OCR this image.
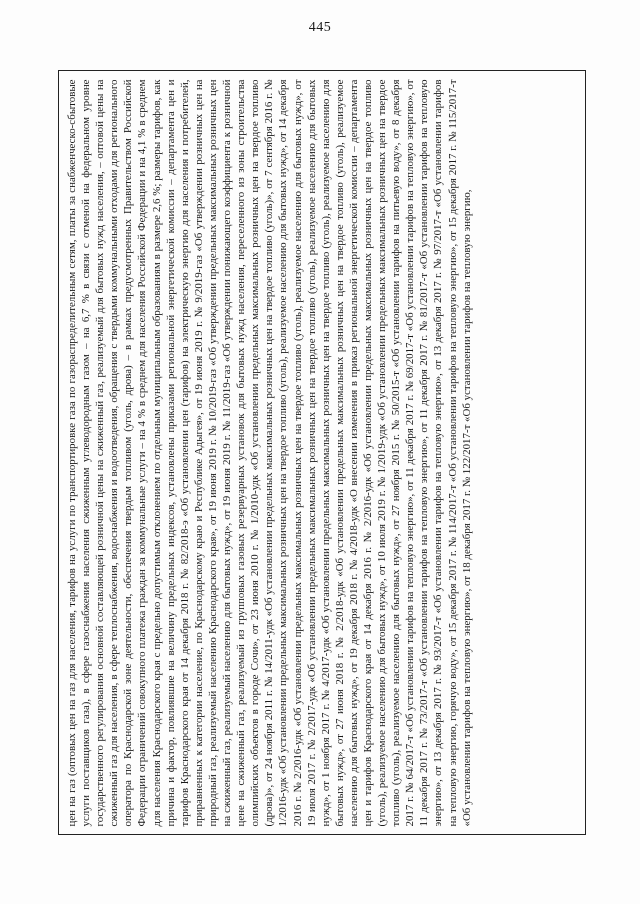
445

цен на газ (оптовых цен на газ для населения, тарифов на услуги по транспортировке газа по газораспределительным сетям, платы за снабженческо-сбытовые услуги поставщиков газа), в сфере газоснабжения населения сжиженным углеводородным газом – на 6,7 % в связи с отменой на федеральном уровне государственного регулирования основной составляющей розничной цены на сжиженный газ, реализуемый для бытовых нужд населения, – оптовой цены на сжиженный газ для населения, в сфере теплоснабжения, водоснабжения и водоотведения, обращения с твердыми коммунальными отходами для регионального оператора по Краснодарской зоне деятельности, обеспечения твердым топливом (уголь, дрова) – в рамках предусмотренных Правительством Российской Федерации ограничений совокупного платежа граждан за коммунальные услуги – на 4 % в среднем для населения Российской Федерации и на 4,1 % в среднем для населения Краснодарского края с предельно допустимым отклонением по отдельным муниципальным образованиям в размере 2,6 %; размеры тарифов, как причина и фактор, повлиявшие на величину предельных индексов, установлены приказами региональной энергетической комиссии – департамента цен и тарифов Краснодарского края от 14 декабря 2018 г. № 82/2018-э «Об установлении цен (тарифов) на электрическую энергию для населения и потребителей, приравненных к категории население, по Краснодарскому краю и Республике Адыгея», от 19 июня 2019 г. № 9/2019-газ «Об утверждении розничных цен на природный газ, реализуемый населению Краснодарского края», от 19 июня 2019 г. № 10/2019-газ «Об утверждении предельных максимальных розничных цен на сжиженный газ, реализуемый населению для бытовых нужд», от 19 июня 2019 г. № 11/2019-газ «Об утверждении понижающего коэффициента к розничной цене на сжиженный газ, реализуемый из групповых газовых резервуарных установок для бытовых нужд населения, переселенного из зоны строительства олимпийских объектов в городе Сочи», от 23 июня 2010 г. № 1/2010-удк «Об установлении предельных максимальных розничных цен на твердое топливо (дрова)», от 24 ноября 2011 г. № 14/2011-удк «Об установлении предельных максимальных розничных цен на твердое топливо (уголь)», от 7 сентября 2016 г. № 1/2016-удк «Об установлении предельных максимальных розничных цен на твердое топливо (уголь), реализуемое населению для бытовых нужд», от 14 декабря 2016 г. № 2/2016-удк «Об установлении предельных максимальных розничных цен на твердое топливо (уголь), реализуемое населению для бытовых нужд», от 19 июля 2017 г. № 2/2017-удк «Об установлении предельных максимальных розничных цен на твердое топливо (уголь), реализуемое населению для бытовых нужд», от 1 ноября 2017 г. № 4/2017-удк «Об установлении предельных максимальных розничных цен на твердое топливо (уголь), реализуемое населению для бытовых нужд», от 27 июня 2018 г. № 2/2018-удк «Об установлении предельных максимальных розничных цен на твердое топливо (уголь), реализуемое населению для бытовых нужд», от 19 декабря 2018 г. № 4/2018-удк «О внесении изменения в приказ региональной энергетической комиссии – департамента цен и тарифов Краснодарского края от 14 декабря 2016 г. № 2/2016-удк «Об установлении предельных максимальных розничных цен на твердое топливо (уголь), реализуемое населению для бытовых нужд», от 10 июля 2019 г. № 1/2019-удк «Об установлении предельных максимальных розничных цен на твердое топливо (уголь), реализуемое населению для бытовых нужд», от 27 ноября 2015 г. № 50/2015-т «Об установлении тарифов на питьевую воду», от 8 декабря 2017 г. № 64/2017-т «Об установлении тарифов на тепловую энергию», от 11 декабря 2017 г. № 69/2017-т «Об установлении тарифов на тепловую энергию», от 11 декабря 2017 г. № 73/2017-т «Об установлении тарифов на тепловую энергию», от 11 декабря 2017 г. № 81/2017-т «Об установлении тарифов на тепловую энергию», от 13 декабря 2017 г. № 93/2017-т «Об установлении тарифов на тепловую энергию», от 13 декабря 2017 г. № 97/2017-т «Об установлении тарифов на тепловую энергию, горячую воду», от 15 декабря 2017 г. № 114/2017-т «Об установлении тарифов на тепловую энергию», от 15 декабря 2017 г. № 115/2017-т «Об установлении тарифов на тепловую энергию», от 18 декабря 2017 г. № 122/2017-т «Об установлении тарифов на тепловую энергию,
